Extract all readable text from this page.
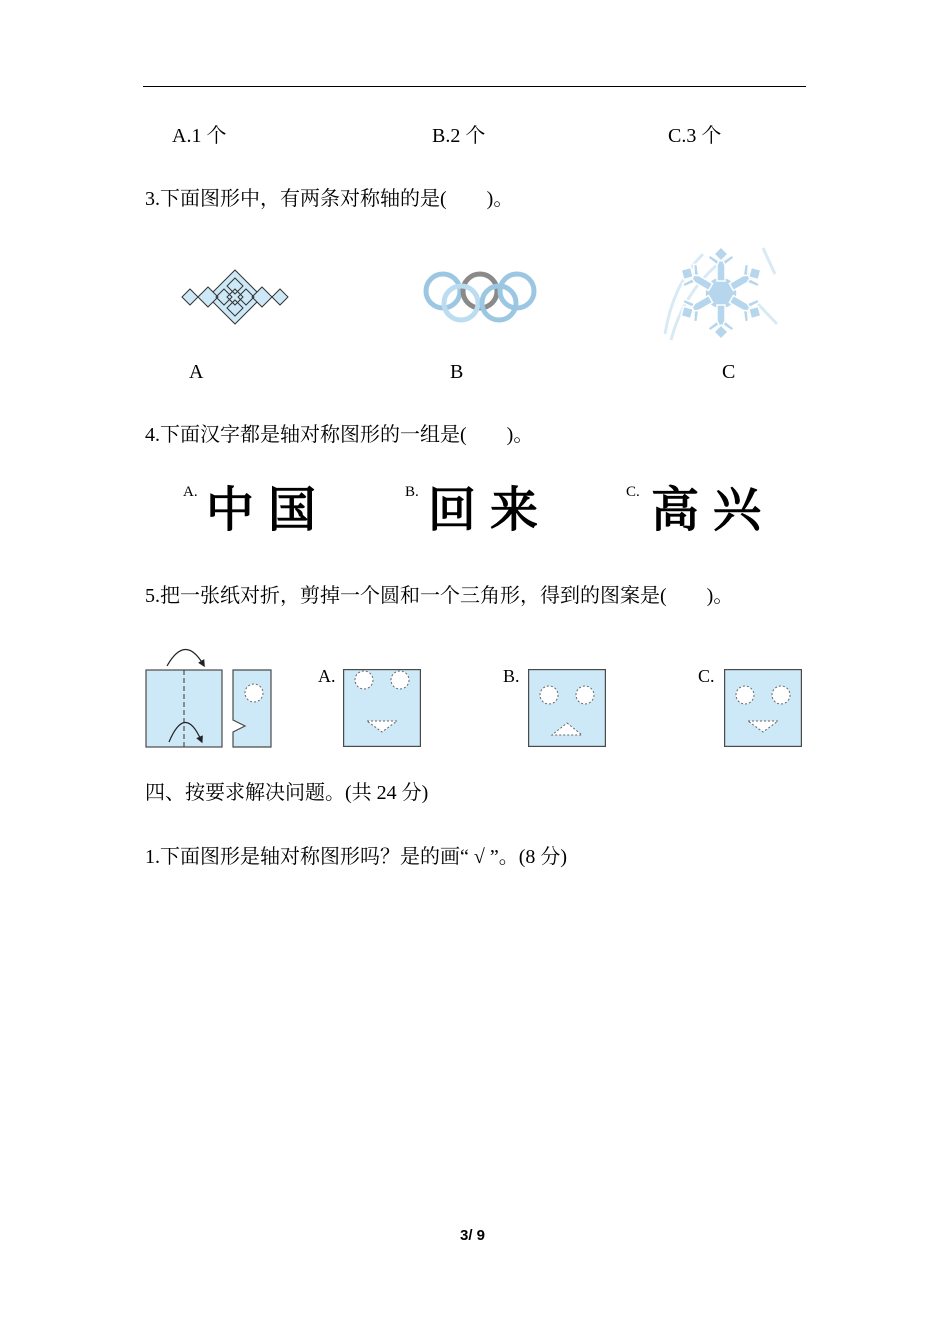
A.1 个	B.2 个	C.3 个
3.下面图形中，有两条对称轴的是(　　)。
A	B	C
4.下面汉字都是轴对称图形的一组是(　　)。
A. 中国	B. 回来	C. 高兴
5.把一张纸对折，剪掉一个圆和一个三角形，得到的图案是(　　)。
A.	B.	C.
四、按要求解决问题。(共 24 分)
1.下面图形是轴对称图形吗？是的画“ √ ”。(8 分)
3/ 9
